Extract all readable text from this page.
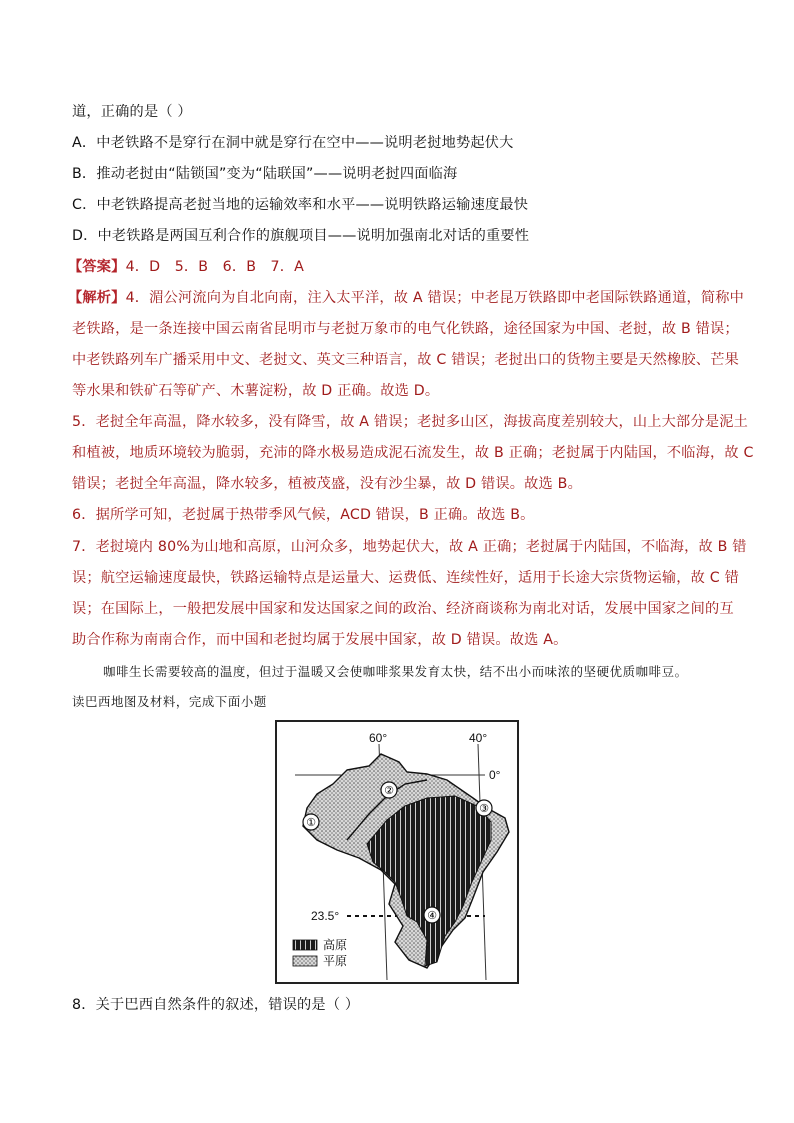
道，正确的是（ ）
A．中老铁路不是穿行在洞中就是穿行在空中——说明老挝地势起伏大
B．推动老挝由“陆锁国”变为“陆联国”——说明老挝四面临海
C．中老铁路提高老挝当地的运输效率和水平——说明铁路运输速度最快
D．中老铁路是两国互利合作的旗舰项目——说明加强南北对话的重要性
【答案】4．D　5．B　6．B　7．A
【解析】4．湄公河流向为自北向南，注入太平洋，故 A 错误；中老昆万铁路即中老国际铁路通道，简称中
老铁路，是一条连接中国云南省昆明市与老挝万象市的电气化铁路，途径国家为中国、老挝，故 B 错误；
中老铁路列车广播采用中文、老挝文、英文三种语言，故 C 错误；老挝出口的货物主要是天然橡胶、芒果
等水果和铁矿石等矿产、木薯淀粉，故 D 正确。故选 D。
5．老挝全年高温，降水较多，没有降雪，故 A 错误；老挝多山区，海拔高度差别较大，山上大部分是泥土
和植被，地质环境较为脆弱，充沛的降水极易造成泥石流发生，故 B 正确；老挝属于内陆国，不临海，故 C
错误；老挝全年高温，降水较多，植被茂盛，没有沙尘暴，故 D 错误。故选 B。
6．据所学可知，老挝属于热带季风气候，ACD 错误，B 正确。故选 B。
7．老挝境内 80%为山地和高原，山河众多，地势起伏大，故 A 正确；老挝属于内陆国，不临海，故 B 错
误；航空运输速度最快，铁路运输特点是运量大、运费低、连续性好，适用于长途大宗货物运输，故 C 错
误；在国际上，一般把发展中国家和发达国家之间的政治、经济商谈称为南北对话，发展中国家之间的互
助合作称为南南合作，而中国和老挝均属于发展中国家，故 D 错误。故选 A。
咖啡生长需要较高的温度，但过于温暖又会使咖啡浆果发育太快，结不出小而味浓的坚硬优质咖啡豆。
读巴西地图及材料，完成下面小题
60°	40°
0°
23.5°
①
②
③
④
高原
平原
8．关于巴西自然条件的叙述，错误的是（ ）
